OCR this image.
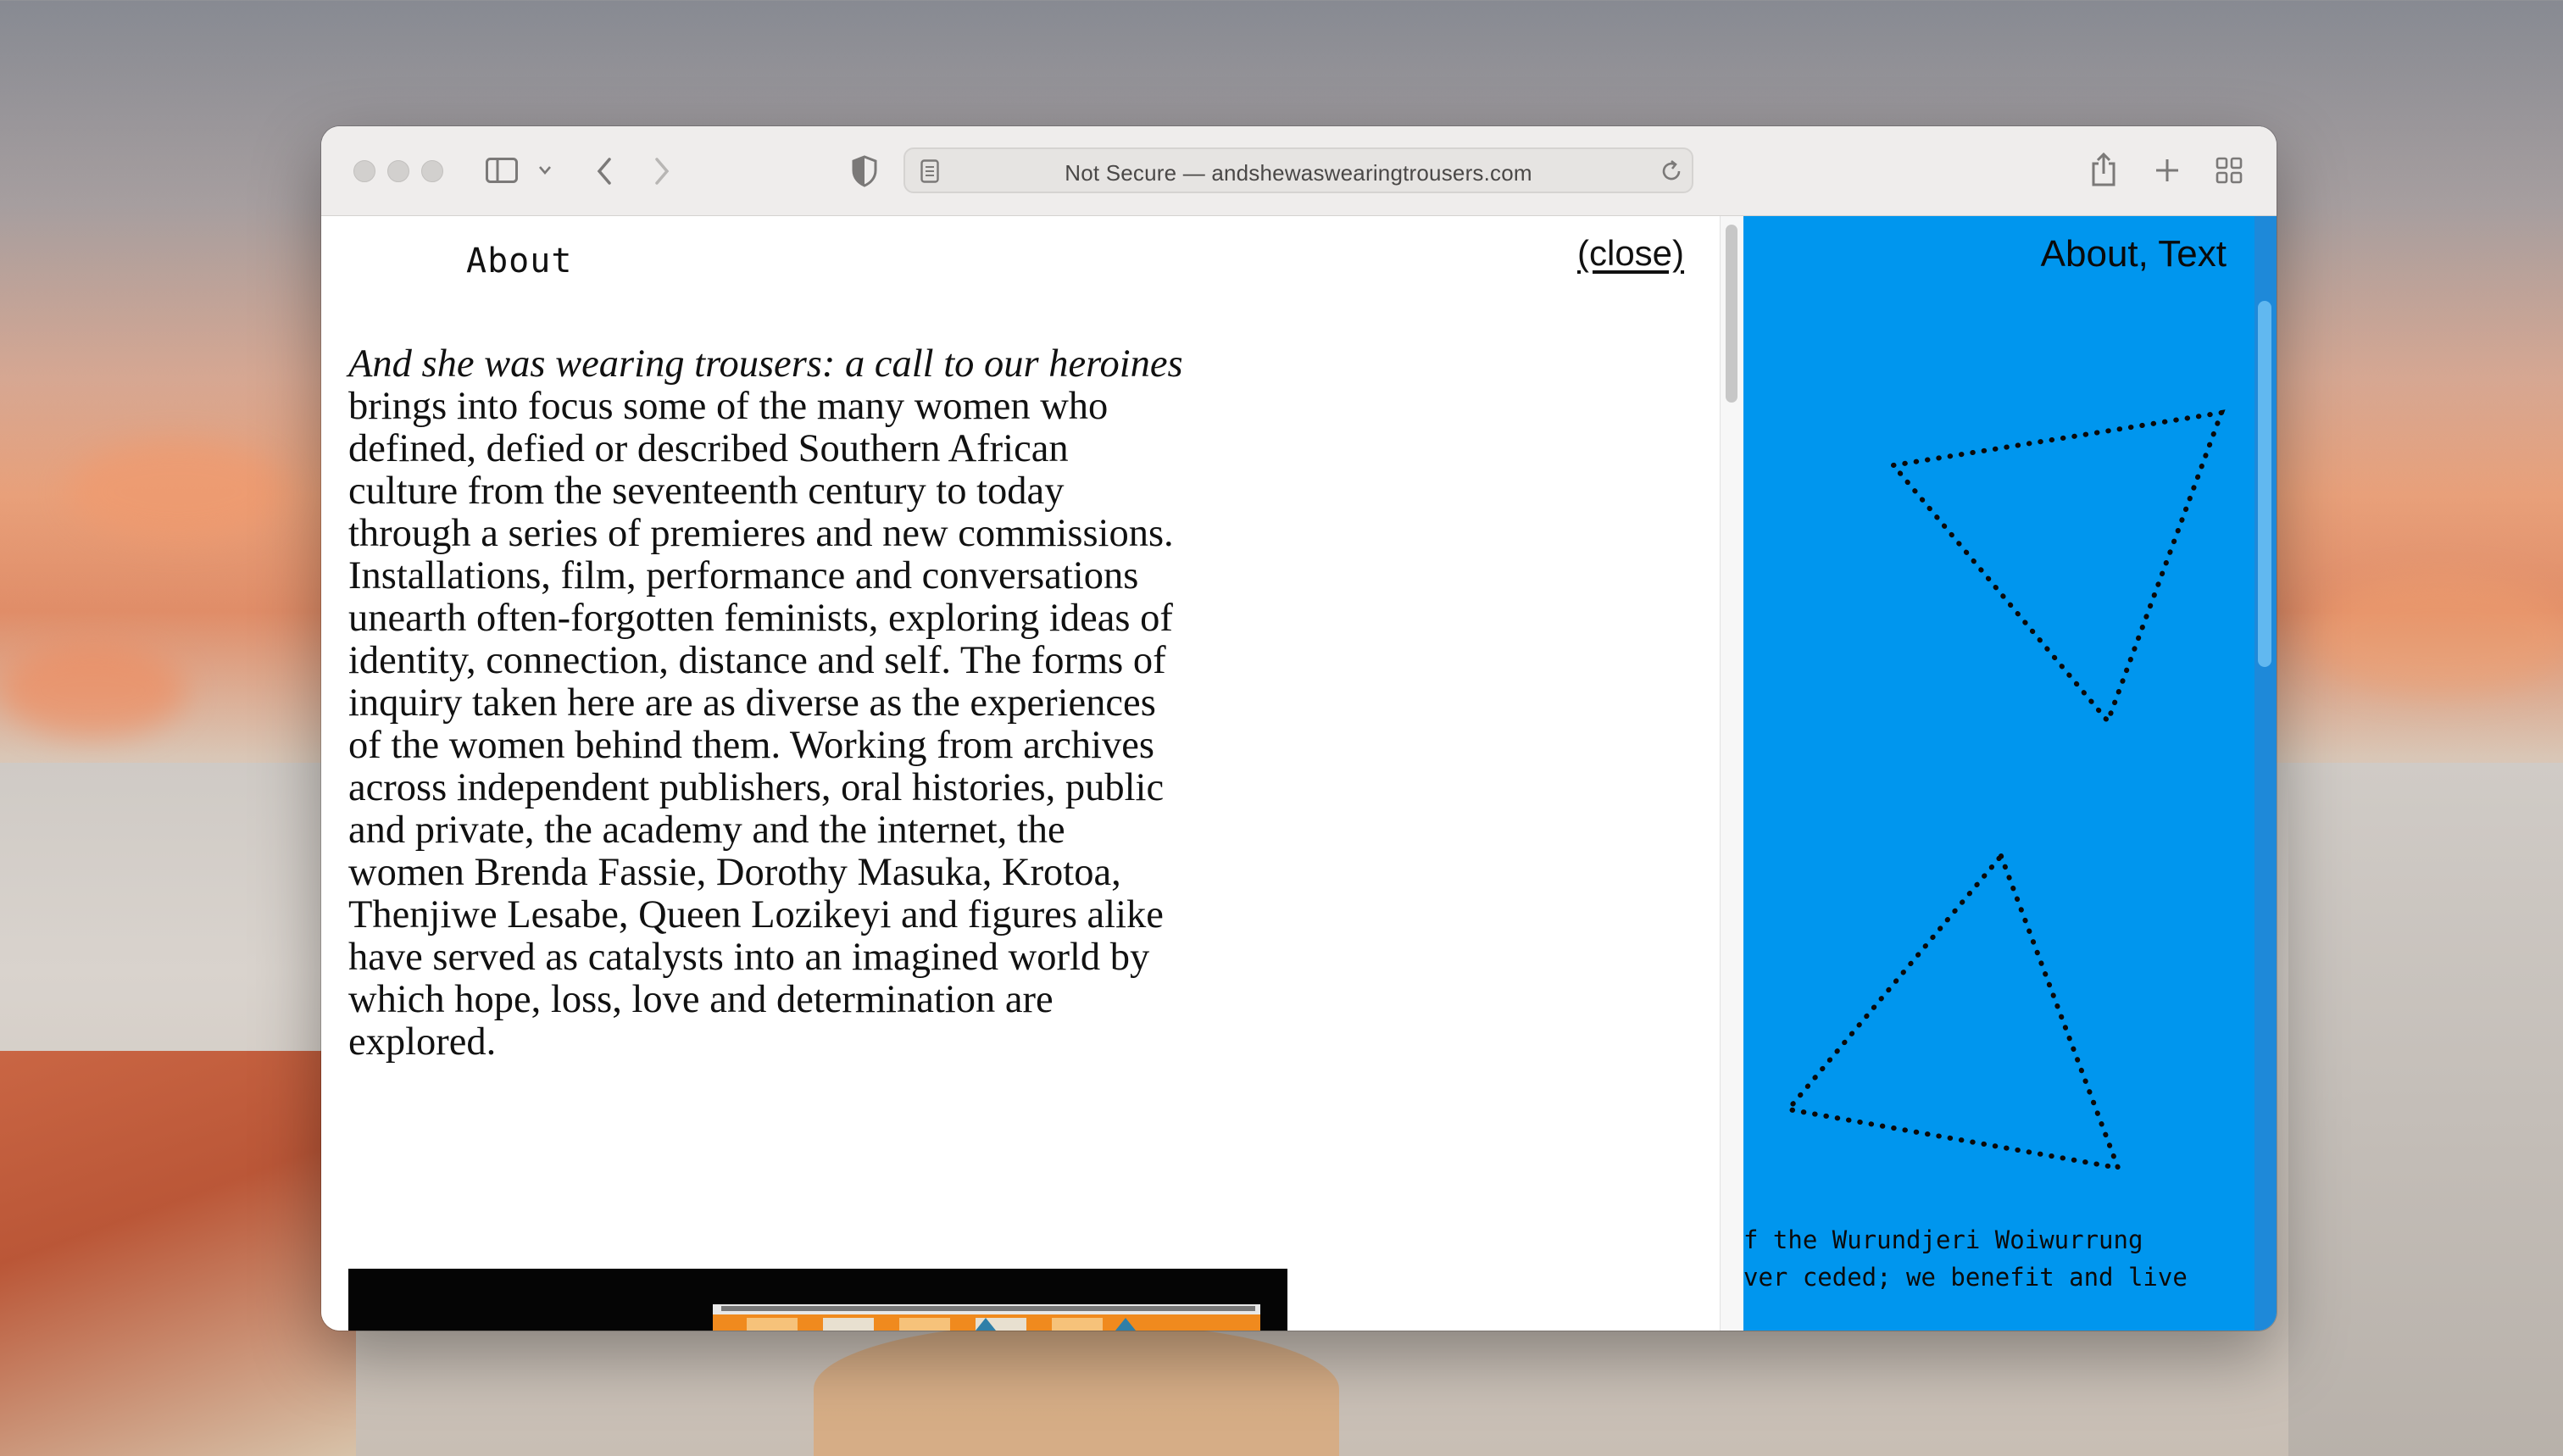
Not Secure — andshewaswearingtrousers.com
About	(close)
And she was wearing trousers: a call to our heroines
brings into focus some of the many women who
defined, defied or described Southern African
culture from the seventeenth century to today
through a series of premieres and new commissions.
Installations, film, performance and conversations
unearth often-forgotten feminists, exploring ideas of
identity, connection, distance and self. The forms of
inquiry taken here are as diverse as the experiences
of the women behind them. Working from archives
across independent publishers, oral histories, public
and private, the academy and the internet, the
women Brenda Fassie, Dorothy Masuka, Krotoa,
Thenjiwe Lesabe, Queen Lozikeyi and figures alike
have served as catalysts into an imagined world by
which hope, loss, love and determination are
explored.
About, Text
f the Wurundjeri Woiwurrung
ver ceded; we benefit and live
